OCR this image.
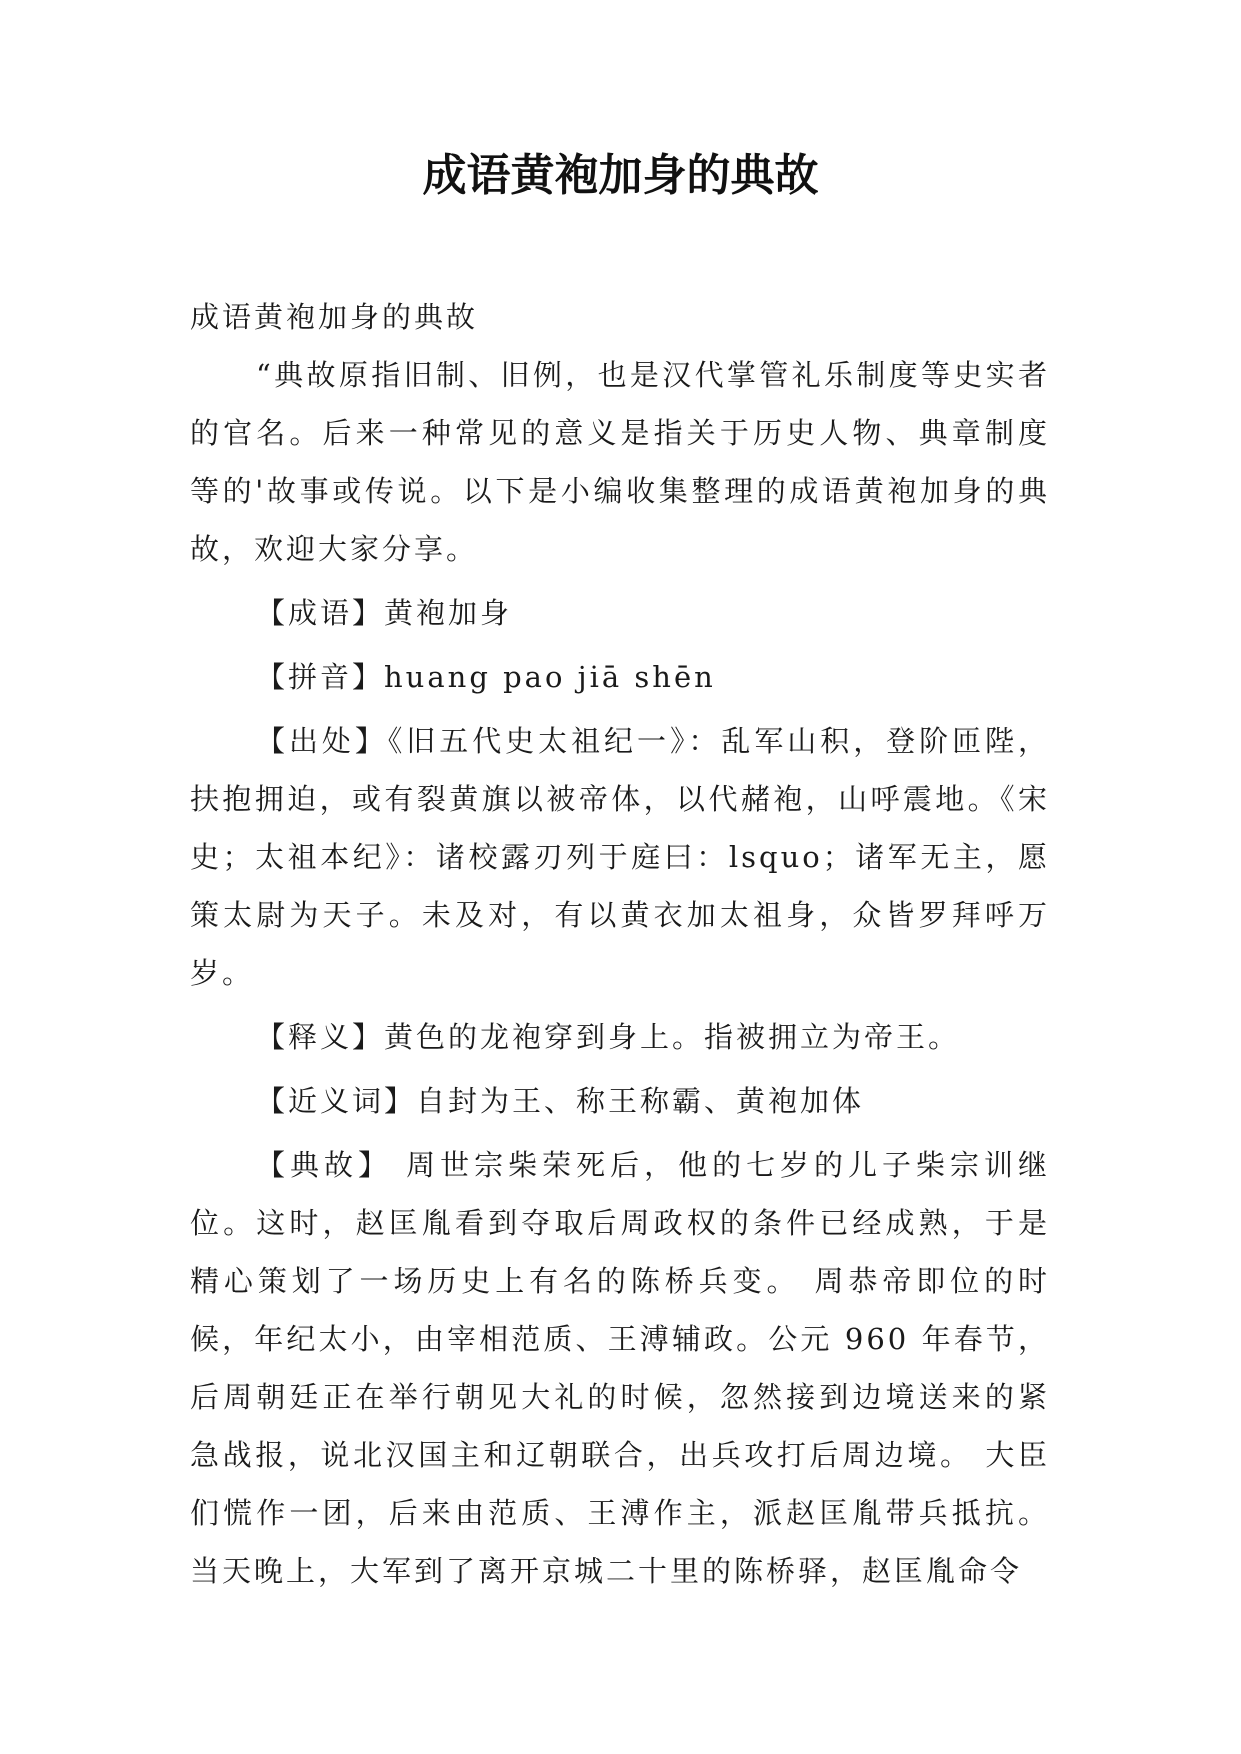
成语黄袍加身的典故

成语黄袍加身的典故

“典故原指旧制、旧例，也是汉代掌管礼乐制度等史实者的官名。后来一种常见的意义是指关于历史人物、典章制度等的'故事或传说。以下是小编收集整理的成语黄袍加身的典故，欢迎大家分享。

【成语】黄袍加身

【拼音】huang pao jiā shēn

【出处】《旧五代史太祖纪一》：乱军山积，登阶匝陛，扶抱拥迫，或有裂黄旗以被帝体，以代赭袍，山呼震地。《宋史；太祖本纪》：诸校露刃列于庭曰：lsquo；诸军无主，愿策太尉为天子。未及对，有以黄衣加太祖身，众皆罗拜呼万岁。

【释义】黄色的龙袍穿到身上。指被拥立为帝王。

【近义词】自封为王、称王称霸、黄袍加体

【典故】 周世宗柴荣死后，他的七岁的儿子柴宗训继位。这时，赵匡胤看到夺取后周政权的条件已经成熟，于是精心策划了一场历史上有名的陈桥兵变。 周恭帝即位的时候，年纪太小，由宰相范质、王溥辅政。公元 960 年春节，后周朝廷正在举行朝见大礼的时候，忽然接到边境送来的紧急战报，说北汉国主和辽朝联合，出兵攻打后周边境。 大臣们慌作一团，后来由范质、王溥作主，派赵匡胤带兵抵抗。当天晚上，大军到了离开京城二十里的陈桥驿，赵匡胤命令
